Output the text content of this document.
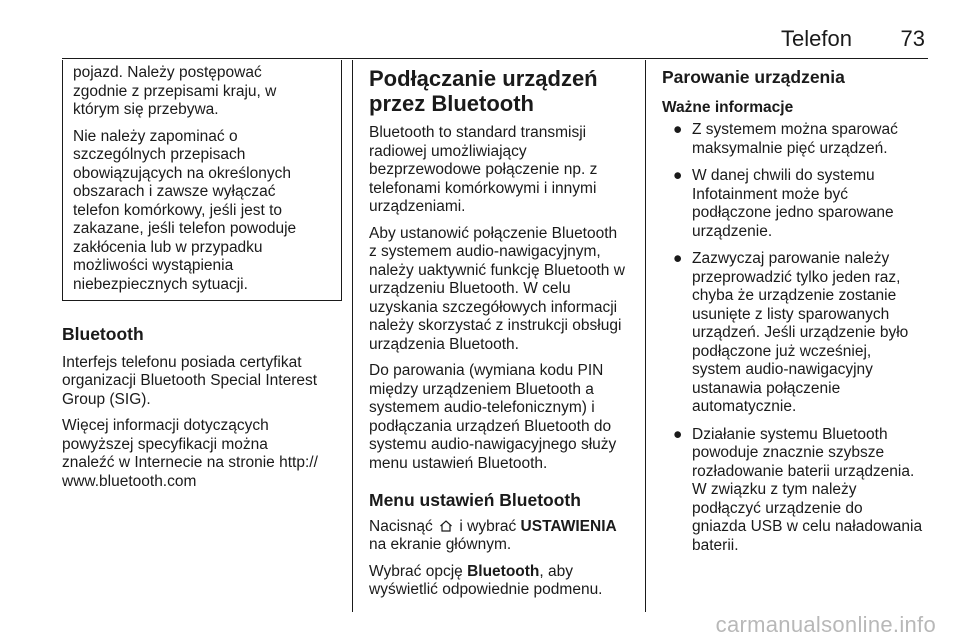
Telefon 73

pojazd. Należy postępować
zgodnie z przepisami kraju, w
którym się przebywa.

Nie należy zapominać o
szczególnych przepisach
obowiązujących na określonych
obszarach i zawsze wyłączać
telefon komórkowy, jeśli jest to
zakazane, jeśli telefon powoduje
zakłócenia lub w przypadku
możliwości wystąpienia
niebezpiecznych sytuacji.

Bluetooth

Interfejs telefonu posiada certyfikat
organizacji Bluetooth Special Interest
Group (SIG).

Więcej informacji dotyczących
powyższej specyfikacji można
znaleźć w Internecie na stronie http://
www.bluetooth.com

Podłączanie urządzeń
przez Bluetooth

Bluetooth to standard transmisji
radiowej umożliwiający
bezprzewodowe połączenie np. z
telefonami komórkowymi i innymi
urządzeniami.

Aby ustanowić połączenie Bluetooth
z systemem audio-nawigacyjnym,
należy uaktywnić funkcję Bluetooth w
urządzeniu Bluetooth. W celu
uzyskania szczegółowych informacji
należy skorzystać z instrukcji obsługi
urządzenia Bluetooth.

Do parowania (wymiana kodu PIN
między urządzeniem Bluetooth a
systemem audio-telefonicznym) i
podłączania urządzeń Bluetooth do
systemu audio-nawigacyjnego służy
menu ustawień Bluetooth.

Menu ustawień Bluetooth

Nacisnąć i wybrać USTAWIENIA
na ekranie głównym.

Wybrać opcję Bluetooth, aby
wyświetlić odpowiednie podmenu.

Parowanie urządzenia
Ważne informacje
● Z systemem można sparować
maksymalnie pięć urządzeń.
● W danej chwili do systemu
Infotainment może być
podłączone jedno sparowane
urządzenie.
● Zazwyczaj parowanie należy
przeprowadzić tylko jeden raz,
chyba że urządzenie zostanie
usunięte z listy sparowanych
urządzeń. Jeśli urządzenie było
podłączone już wcześniej,
system audio-nawigacyjny
ustanawia połączenie
automatycznie.
● Działanie systemu Bluetooth
powoduje znacznie szybsze
rozładowanie baterii urządzenia.
W związku z tym należy
podłączyć urządzenie do
gniazda USB w celu naładowania
baterii.
carmanualsonline.info
